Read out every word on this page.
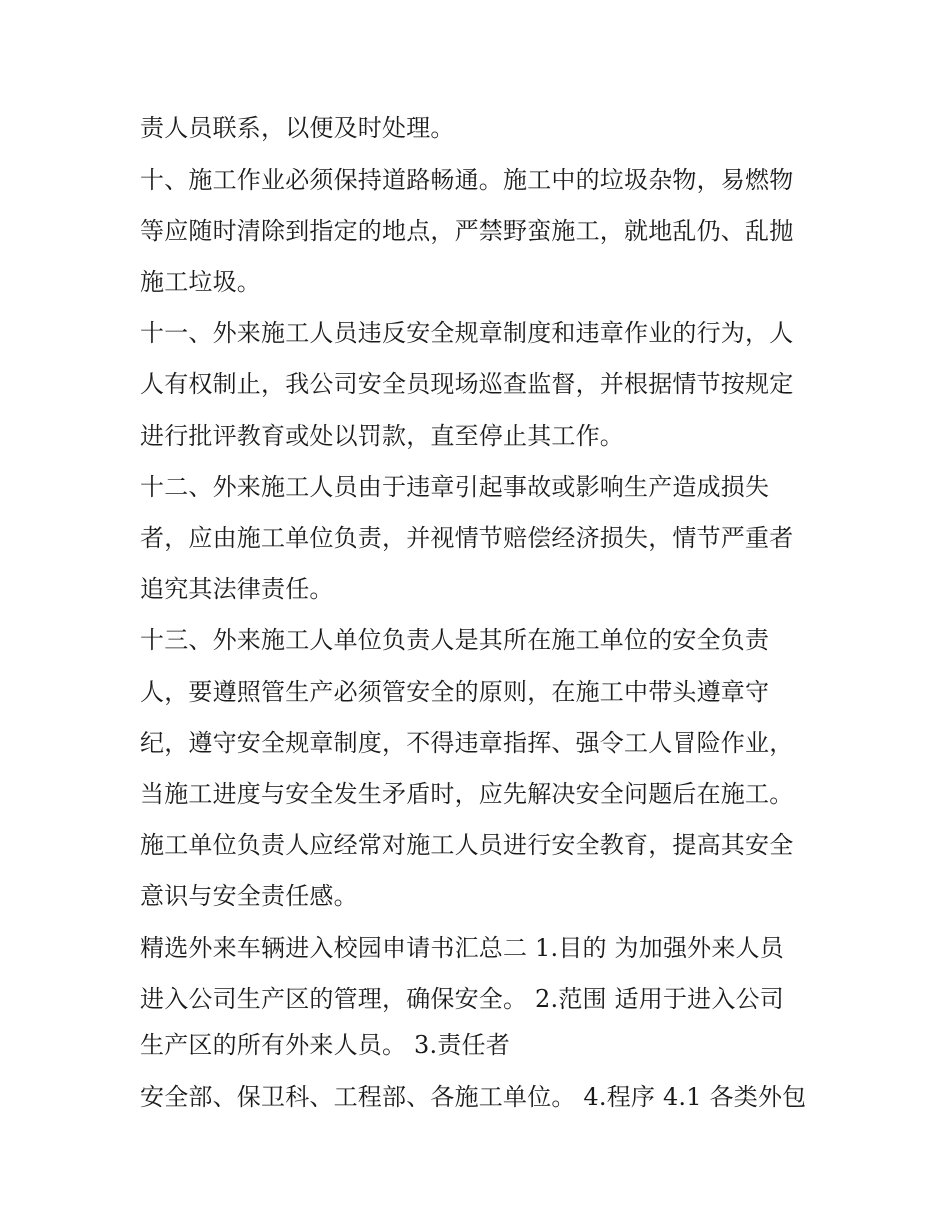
责人员联系，以便及时处理。

十、施工作业必须保持道路畅通。施工中的垃圾杂物，易燃物

等应随时清除到指定的地点，严禁野蛮施工，就地乱仍、乱抛

施工垃圾。

十一、外来施工人员违反安全规章制度和违章作业的行为，人

人有权制止，我公司安全员现场巡查监督，并根据情节按规定

进行批评教育或处以罚款，直至停止其工作。

十二、外来施工人员由于违章引起事故或影响生产造成损失

者，应由施工单位负责，并视情节赔偿经济损失，情节严重者

追究其法律责任。

十三、外来施工人单位负责人是其所在施工单位的安全负责

人，要遵照管生产必须管安全的原则，在施工中带头遵章守

纪，遵守安全规章制度，不得违章指挥、强令工人冒险作业，

当施工进度与安全发生矛盾时，应先解决安全问题后在施工。

施工单位负责人应经常对施工人员进行安全教育，提高其安全

意识与安全责任感。

精选外来车辆进入校园申请书汇总二 1.目的 为加强外来人员

进入公司生产区的管理，确保安全。 2.范围 适用于进入公司

生产区的所有外来人员。 3.责任者

安全部、保卫科、工程部、各施工单位。 4.程序 4.1 各类外包
